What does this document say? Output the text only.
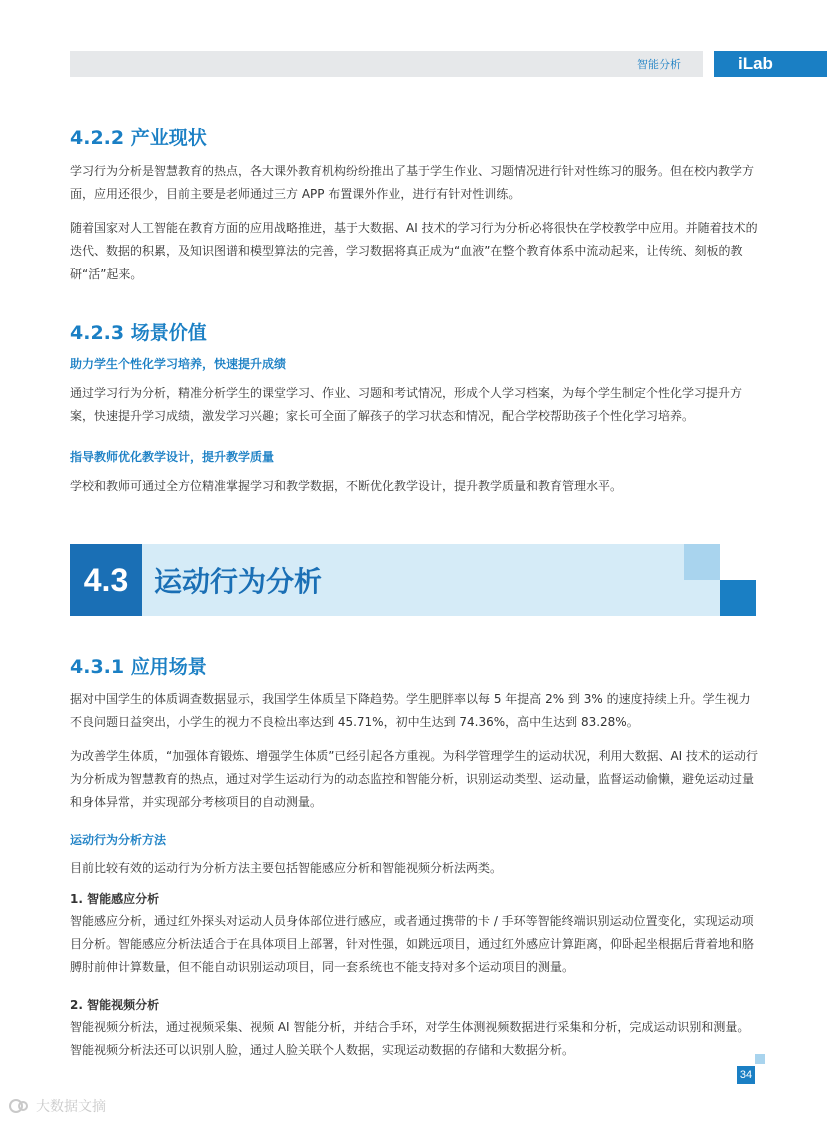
智能分析	iLab
4.2.2 产业现状

学习行为分析是智慧教育的热点，各大课外教育机构纷纷推出了基于学生作业、习题情况进行针对性练习的服务。但在校内教学方面，应用还很少，目前主要是老师通过三方 APP 布置课外作业，进行有针对性训练。

随着国家对人工智能在教育方面的应用战略推进，基于大数据、AI 技术的学习行为分析必将很快在学校教学中应用。并随着技术的迭代、数据的积累，及知识图谱和模型算法的完善，学习数据将真正成为“血液”在整个教育体系中流动起来，让传统、刻板的教研“活”起来。

4.2.3 场景价值

助力学生个性化学习培养，快速提升成绩

通过学习行为分析，精准分析学生的课堂学习、作业、习题和考试情况，形成个人学习档案，为每个学生制定个性化学习提升方案，快速提升学习成绩，激发学习兴趣；家长可全面了解孩子的学习状态和情况，配合学校帮助孩子个性化学习培养。

指导教师优化教学设计，提升教学质量

学校和教师可通过全方位精准掌握学习和教学数据，不断优化教学设计，提升教学质量和教育管理水平。

4.3 运动行为分析
4.3.1 应用场景

据对中国学生的体质调查数据显示，我国学生体质呈下降趋势。学生肥胖率以每 5 年提高 2% 到 3% 的速度持续上升。学生视力不良问题日益突出，小学生的视力不良检出率达到 45.71%，初中生达到 74.36%，高中生达到 83.28%。

为改善学生体质，“加强体育锻炼、增强学生体质”已经引起各方重视。为科学管理学生的运动状况，利用大数据、AI 技术的运动行为分析成为智慧教育的热点，通过对学生运动行为的动态监控和智能分析，识别运动类型、运动量，监督运动偷懒，避免运动过量和身体异常，并实现部分考核项目的自动测量。

运动行为分析方法

目前比较有效的运动行为分析方法主要包括智能感应分析和智能视频分析法两类。

1. 智能感应分析

智能感应分析，通过红外探头对运动人员身体部位进行感应，或者通过携带的卡 / 手环等智能终端识别运动位置变化，实现运动项目分析。智能感应分析法适合于在具体项目上部署，针对性强，如跳远项目，通过红外感应计算距离，仰卧起坐根据后背着地和胳膊肘前伸计算数量，但不能自动识别运动项目，同一套系统也不能支持对多个运动项目的测量。

2. 智能视频分析

智能视频分析法，通过视频采集、视频 AI 智能分析，并结合手环，对学生体测视频数据进行采集和分析，完成运动识别和测量。智能视频分析法还可以识别人脸，通过人脸关联个人数据，实现运动数据的存储和大数据分析。

34
大数据文摘
